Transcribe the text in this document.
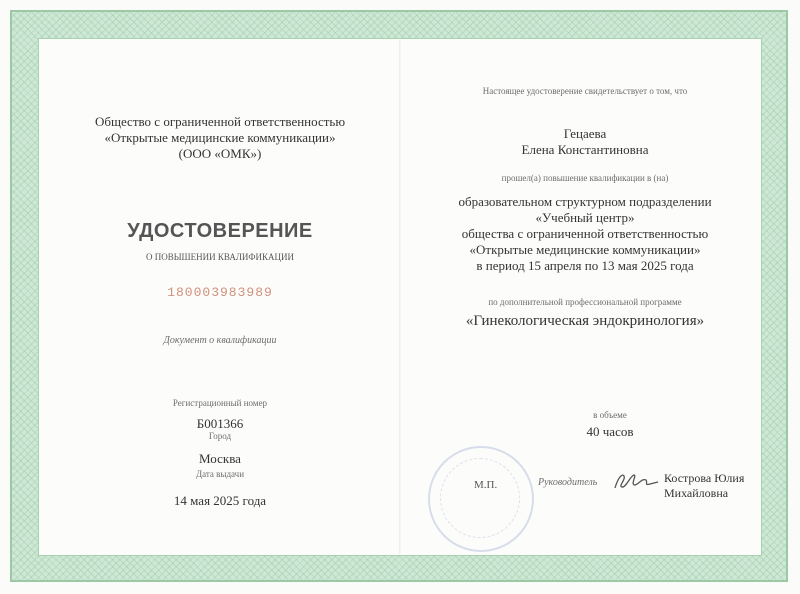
Общество с ограниченной ответственностью
«Открытые медицинские коммуникации»
(ООО «ОМК»)
УДОСТОВЕРЕНИЕ
О ПОВЫШЕНИИ КВАЛИФИКАЦИИ
180003983989
Документ о квалификации
Регистрационный номер
Б001366
Город
Москва
Дата выдачи
14 мая 2025 года
Настоящее удостоверение свидетельствует о том, что
Гецаева
Елена Константиновна
прошел(а) повышение квалификации в (на)
образовательном структурном подразделении
«Учебный центр»
общества с ограниченной ответственностью
«Открытые медицинские коммуникации»
в период 15 апреля по 13 мая 2025 года
по дополнительной профессиональной программе
«Гинекологическая эндокринология»
в объеме
40 часов
М.П.	Руководитель	Кострова Юлия
Михайловна
